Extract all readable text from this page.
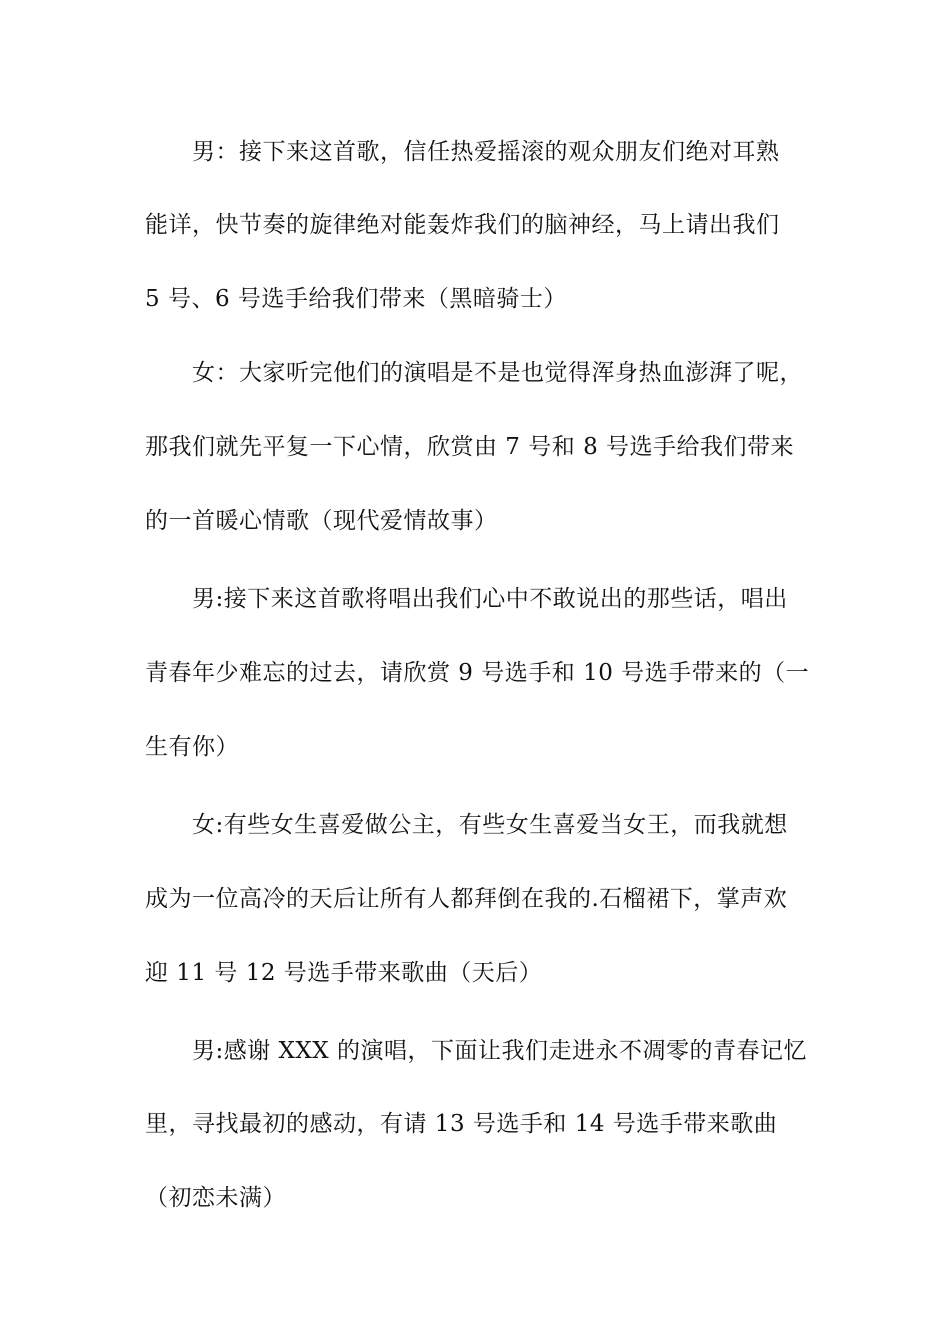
男：接下来这首歌，信任热爱摇滚的观众朋友们绝对耳熟
能详，快节奏的旋律绝对能轰炸我们的脑神经，马上请出我们
5 号、6 号选手给我们带来（黑暗骑士）
女：大家听完他们的演唱是不是也觉得浑身热血澎湃了呢，
那我们就先平复一下心情，欣赏由 7 号和 8 号选手给我们带来
的一首暖心情歌（现代爱情故事）
男:接下来这首歌将唱出我们心中不敢说出的那些话，唱出
青春年少难忘的过去，请欣赏 9 号选手和 10 号选手带来的（一
生有你）
女:有些女生喜爱做公主，有些女生喜爱当女王，而我就想
成为一位高冷的天后让所有人都拜倒在我的.石榴裙下，掌声欢
迎 11 号 12 号选手带来歌曲（天后）
男:感谢 XXX 的演唱，下面让我们走进永不凋零的青春记忆
里，寻找最初的感动，有请 13 号选手和 14 号选手带来歌曲
（初恋未满）
